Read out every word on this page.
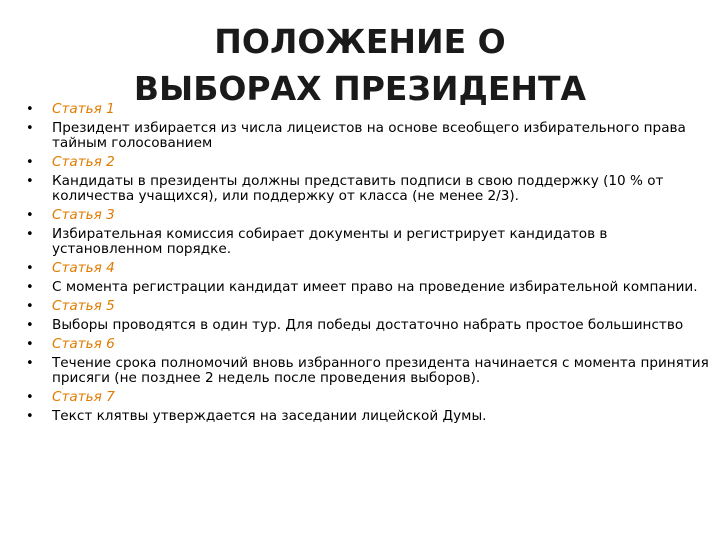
ПОЛОЖЕНИЕ О ВЫБОРАХ ПРЕЗИДЕНТА
• Статья 1
• Президент избирается из числа лицеистов на основе всеобщего избирательного права тайным голосованием
• Статья 2
• Кандидаты в президенты должны представить подписи в свою поддержку (10 % от количества учащихся), или поддержку от класса (не менее 2/3).
• Статья 3
• Избирательная комиссия собирает документы и регистрирует кандидатов в установленном порядке.
• Статья 4
• С момента регистрации кандидат имеет право на проведение избирательной компании.
• Статья 5
• Выборы проводятся в один тур. Для победы достаточно набрать простое большинство
• Статья 6
• Течение срока полномочий вновь избранного президента начинается с момента принятия присяги (не позднее 2 недель после проведения выборов).
• Статья 7
• Текст клятвы утверждается на заседании лицейской Думы.
